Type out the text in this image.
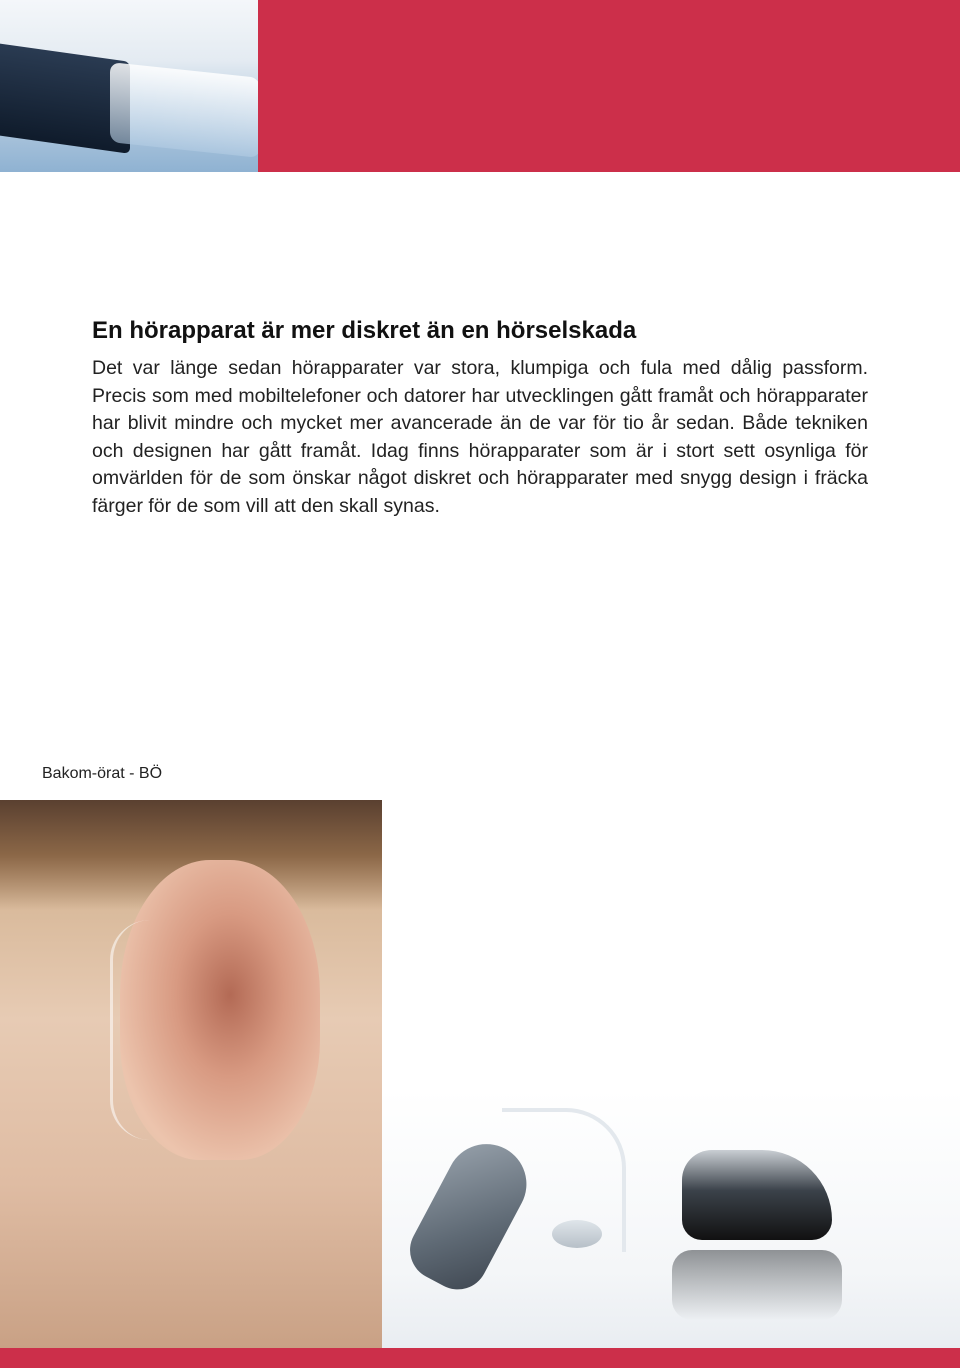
En hörapparat är mer diskret än en hörselskada

Det var länge sedan hörapparater var stora, klumpiga och fula med dålig passform. Precis som med mobiltelefoner och datorer har utvecklingen gått framåt och hörapparater har blivit mindre och mycket mer avancerade än de var för tio år sedan. Både tekniken och designen har gått framåt. Idag finns hörapparater som är i stort sett osynliga för omvärlden för de som önskar något diskret och hörapparater med snygg design i fräcka färger för de som vill att den skall synas.

Bakom-örat - BÖ
